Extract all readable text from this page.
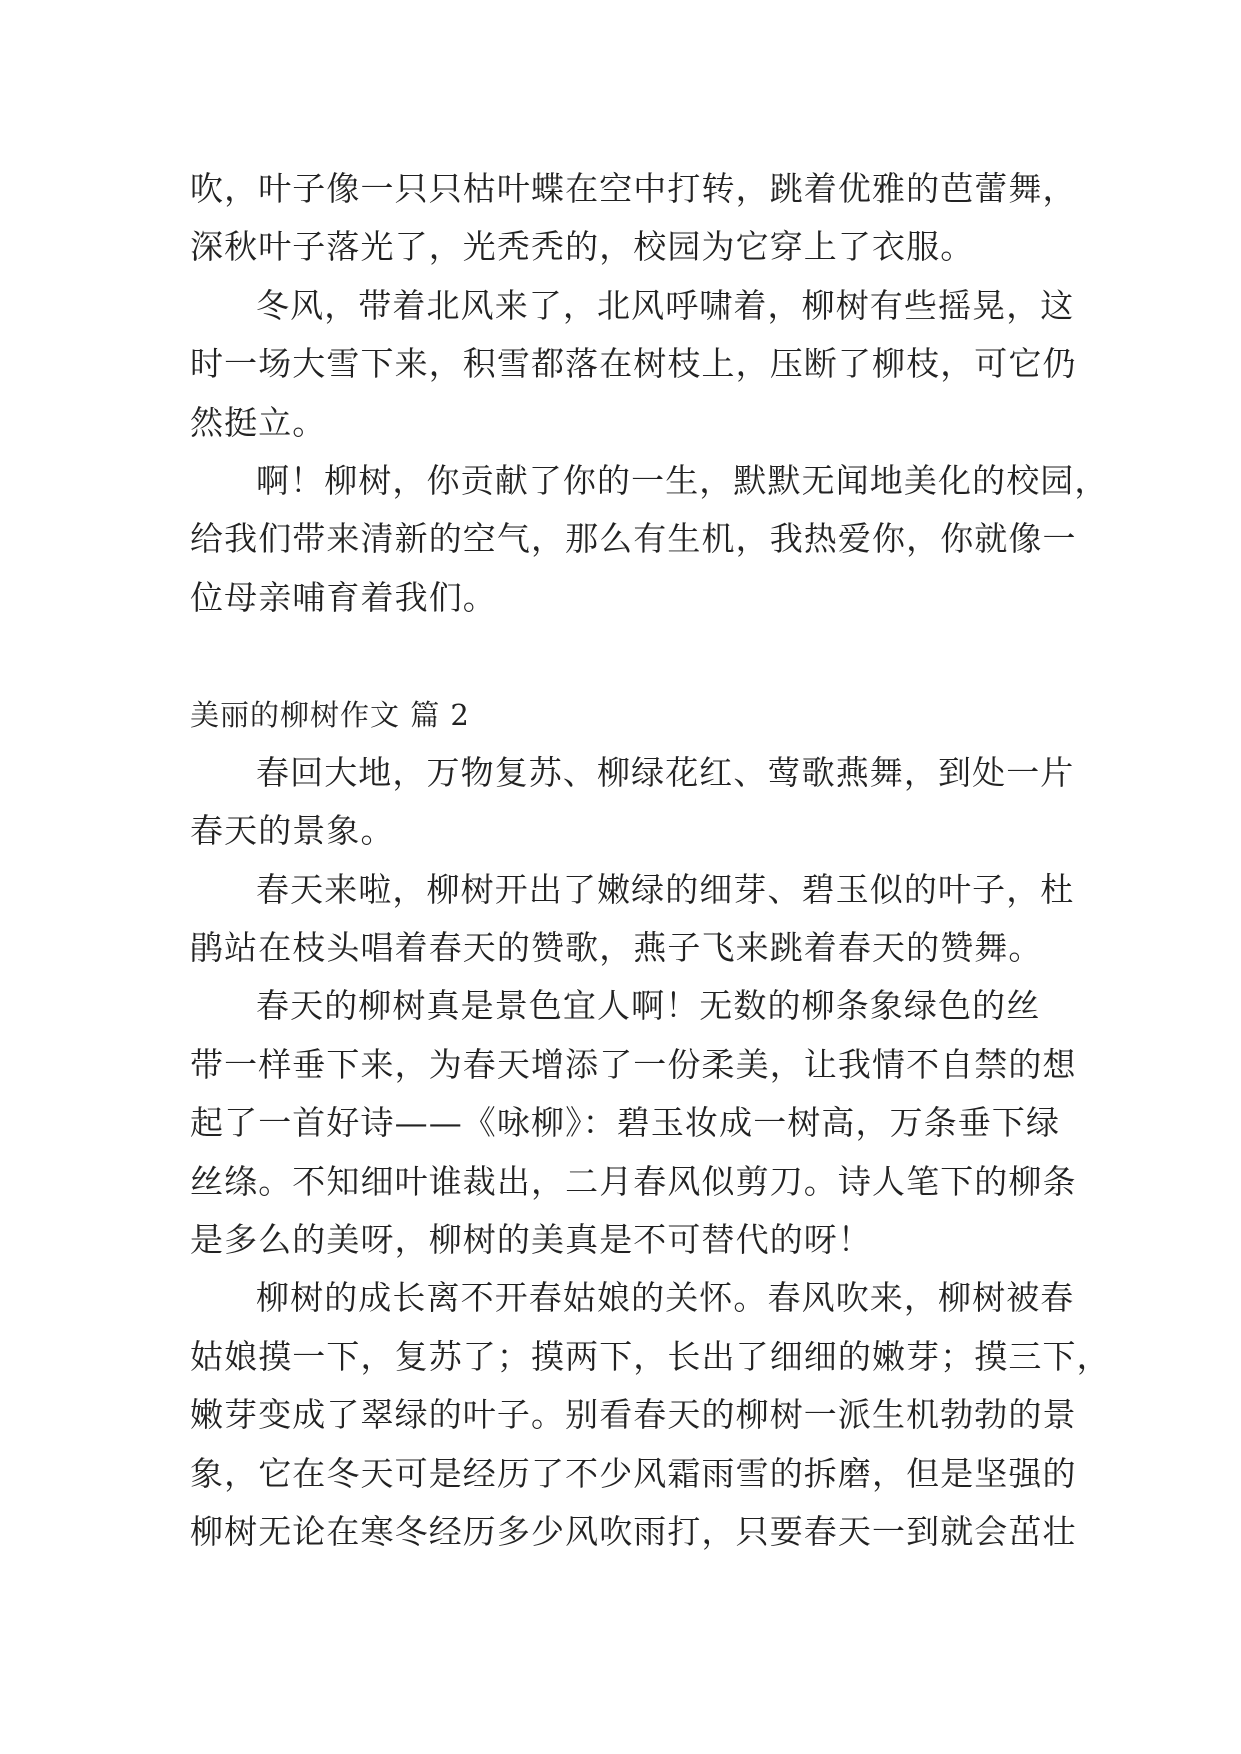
吹，叶子像一只只枯叶蝶在空中打转，跳着优雅的芭蕾舞，
深秋叶子落光了，光秃秃的，校园为它穿上了衣服。
冬风，带着北风来了，北风呼啸着，柳树有些摇晃，这
时一场大雪下来，积雪都落在树枝上，压断了柳枝，可它仍
然挺立。
啊！柳树，你贡献了你的一生，默默无闻地美化的校园，
给我们带来清新的空气，那么有生机，我热爱你，你就像一
位母亲哺育着我们。
美丽的柳树作文 篇 2
春回大地，万物复苏、柳绿花红、莺歌燕舞，到处一片
春天的景象。
春天来啦，柳树开出了嫩绿的细芽、碧玉似的叶子，杜
鹃站在枝头唱着春天的赞歌，燕子飞来跳着春天的赞舞。
春天的柳树真是景色宜人啊！无数的柳条象绿色的丝
带一样垂下来，为春天增添了一份柔美，让我情不自禁的想
起了一首好诗——《咏柳》：碧玉妆成一树高，万条垂下绿
丝绦。不知细叶谁裁出，二月春风似剪刀。诗人笔下的柳条
是多么的美呀，柳树的美真是不可替代的呀！
柳树的成长离不开春姑娘的关怀。春风吹来，柳树被春
姑娘摸一下，复苏了；摸两下，长出了细细的嫩芽；摸三下，
嫩芽变成了翠绿的叶子。别看春天的柳树一派生机勃勃的景
象，它在冬天可是经历了不少风霜雨雪的拆磨，但是坚强的
柳树无论在寒冬经历多少风吹雨打，只要春天一到就会茁壮
